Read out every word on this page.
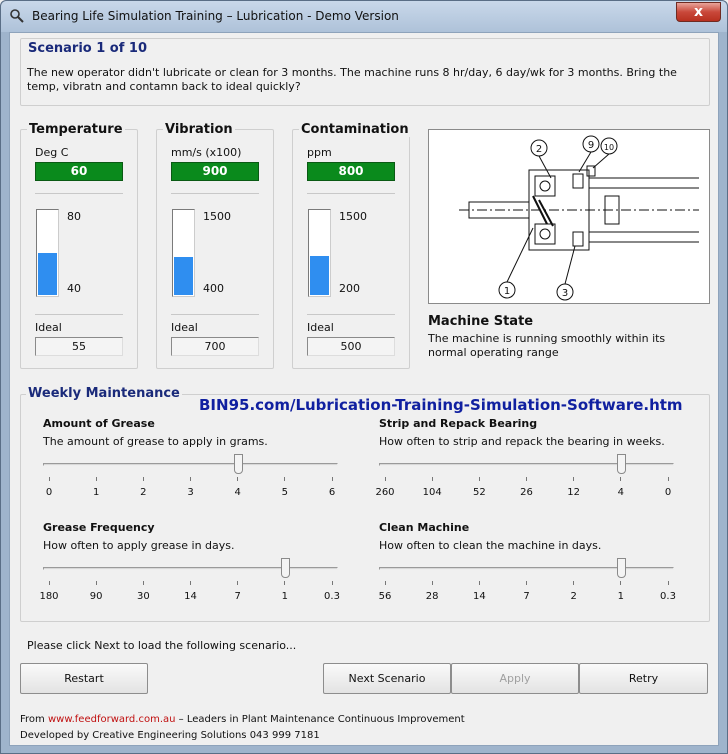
Bearing Life Simulation Training – Lubrication - Demo Version	x
Scenario 1 of 10
The new operator didn't lubricate or clean for 3 months. The machine runs 8 hr/day, 6 day/wk for 3 months. Bring the temp, vibratn and contamn back to ideal quickly?
Temperature
Deg C
60
80
40
Ideal
55
Vibration
mm/s (x100)
900
1500
400
Ideal
700
Contamination
ppm
800
1500
200
Ideal
500
2	9 10
1	3
Machine State
The machine is running smoothly within its normal operating range
Weekly Maintenance
BIN95.com/Lubrication-Training-Simulation-Software.htm
Amount of Grease
The amount of grease to apply in grams.
0	1	2	3	4	5	6
Strip and Repack Bearing
How often to strip and repack the bearing in weeks.
260	104	52	26	12	4	0
Grease Frequency
How often to apply grease in days.
180	90	30	14	7	1	0.3
Clean Machine
How often to clean the machine in days.
56	28	14	7	2	1	0.3
Please click Next to load the following scenario...
Restart	Next Scenario	Apply	Retry
From www.feedforward.com.au – Leaders in Plant Maintenance Continuous Improvement
Developed by Creative Engineering Solutions 043 999 7181
